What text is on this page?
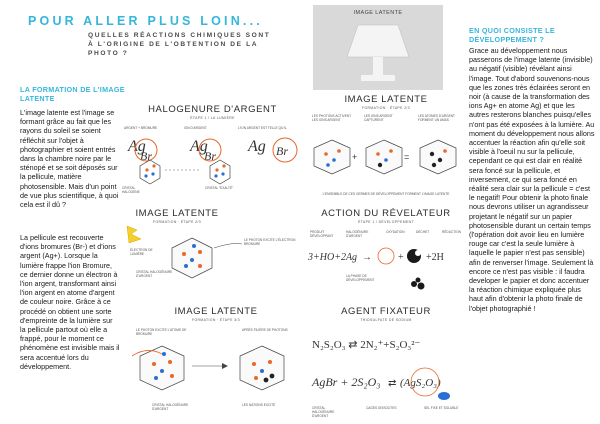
POUR ALLER PLUS LOIN...
QUELLES RÉACTIONS CHIMIQUES SONT À L'ORIGINE DE L'OBTENTION DE LA PHOTO ?
LA FORMATION DE L'IMAGE LATENTE
L'image latente est l'image se formant grâce au fait que les rayons du soleil se soient réfléchit sur l'objet à photographier et soient entrés dans la chambre noire par le sténopé et se soit déposés sur la pellicule, matière photosensible. Mais d'un point de vue plus scientifique, à quoi cela est il dû ?
La pellicule est recouverte d'ions bromures (Br-) et d'ions argent (Ag+). Lorsque la lumière frappe l'ion Bromure, ce dernier donne un électron à l'ion argent, transformant ainsi l'ion argent en atome d'argent de couleur noire. Grâce à ce procédé on obtient une sorte d'empreinte de la lumière sur la pellicule partout où elle a frappé, pour le moment ce phénomène est invisible mais il sera accentué lors du développement.
HALOGENURE D'ARGENT
ÉTAPE 1 / LA LUMIÈRE
ARGENT + BROMURE	ION D'ARGENT	L'ION ARGENT EST TELLE QU'IL
CRISTAL HALOGENE
CRISTAL "EXALTÉ"
Ag
Br
Ag
Br
Ag Br
IMAGE LATENTE
FORMATION · ÉTAPE 2/3
ÉLECTRON DE LUMIÈRE
CRISTAL HALOGÉNURE D'ARGENT
LE PHOTON EXCITE L'ÉLECTRON BROMURE
IMAGE LATENTE
FORMATION · ÉTAPE 3/3
LE PHOTON EXCITE L'ATOME DE BROMURE
APRÈS FILIÈRE DE PHOTONS
CRISTAL HALOGÉNURE D'ARGENT
LES NATIONS EXCITÉ
IMAGE LATENTE
IMAGE LATENTE
FORMATION · ÉTAPE 2/3
LES PHOTONS ACTIVENT LES IONS ARGENT
LES IONS ARGENT CAPTURENT
LES ATOMES D'ARGENT FORMENT UN AMAS
L'ENSEMBLE DE CES GERMES DE DÉVELOPPEMENT FORMENT L'IMAGE LATENTE
+	=
ACTION DU RÉVELATEUR
ÉTAPE 1 / DÉVELOPPEMENT
PRODUIT DÉVELOPPANT
HALOGÉNURE D'ARGENT
OXYDATION	DÉCHET	RÉDUCTION
LA PHASE DE DÉVELOPPEMENT
3+HO+2Ag →	+ +2H
AGENT FIXATEUR
THIOSULFATE DE SODIUM
CRISTAL HALOGÉNURE D'ARGENT
CAGES DISSOUTES	SEL FIXE ET SOLUBLE
N₂S₂O₃ ⇄ 2N₂⁺+S₂O₃²⁻
AgBr + 2S₂O₃ ⇄ (AgS₂O₃)
EN QUOI CONSISTE LE DÉVELOPPEMENT ?
Grace au développement nous passerons de l'image latente (invisible) au négatif (visible) révélant ainsi l'image. Tout d'abord souvenons-nous que les zones très éclairées seront en noir (à cause de la transformation des ions Ag+ en atome Ag) et que les autres resterons blanches puisqu'elles n'ont pas été exposées à la lumière. Au moment du développement nous allons accentuer la réaction afin qu'elle soit visible à l'oeuil nu sur la pellicule, cependant ce qui est clair en réalité sera foncé sur la pellicule, et inversement, ce qui sera foncé en réalité sera clair sur la pellicule = c'est le negatif! Pour obtenir la photo finale nous devrons utiliser un agrandisseur projetant le négatif sur un papier photosensible durant un certain temps (l'opération doit avoir lieu en lumière rouge car c'est la seule lumière à laquelle le papier n'est pas sensible) afin de renverser l'image. Seulement là encore ce n'est pas visible : il faudra developer le papier et donc accentuer la réaction chimique expliquée plus haut afin d'obtenir la photo finale de l'objet photographié !
